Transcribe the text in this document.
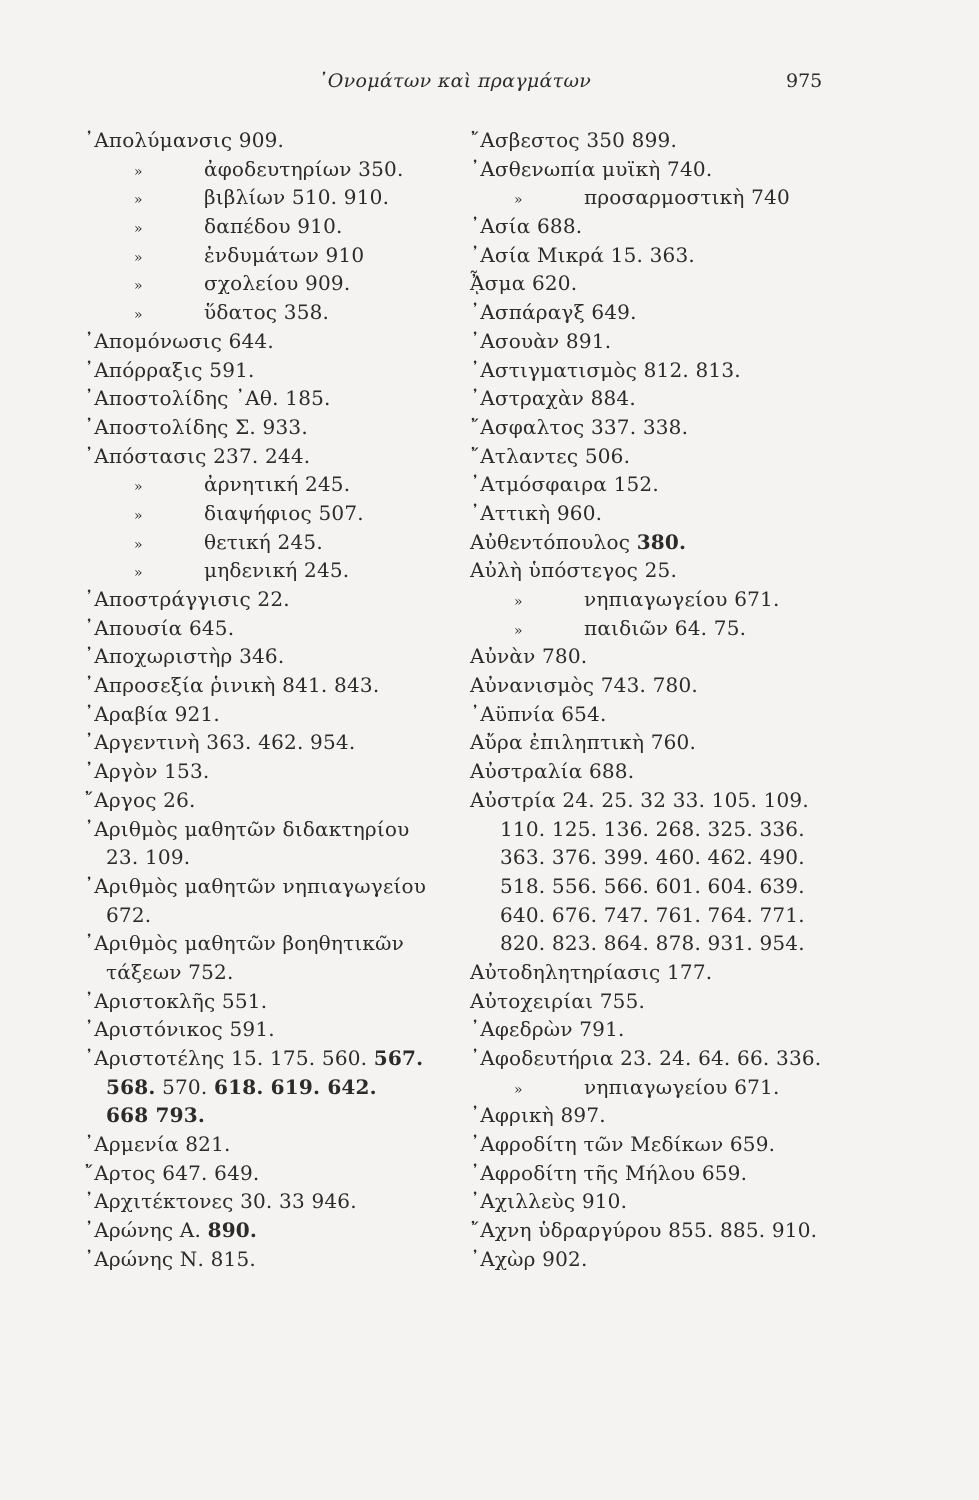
᾿Ονομάτων καὶ πραγμάτων	975
᾿Απολύμανσις 909.
»	ἀφοδευτηρίων 350.
»	βιβλίων 510. 910.
»	δαπέδου 910.
»	ἐνδυμάτων 910
»	σχολείου 909.
»	ὕδατος 358.
᾿Απομόνωσις 644.
᾿Απόρραξις 591.
᾿Αποστολίδης ᾿Αθ. 185.
᾿Αποστολίδης Σ. 933.
᾿Απόστασις 237. 244.
»	ἀρνητική 245.
»	διαψήφιος 507.
»	θετική 245.
»	μηδενική 245.
᾿Αποστράγγισις 22.
᾿Απουσία 645.
᾿Αποχωριστὴρ 346.
᾿Απροσεξία ῥινικὴ 841. 843.
᾿Αραβία 921.
᾿Αργεντινὴ 363. 462. 954.
᾿Αργὸν 153.
῎Αργος 26.
᾿Αριθμὸς μαθητῶν διδακτηρίου
23. 109.
᾿Αριθμὸς μαθητῶν νηπιαγωγείου
672.
᾿Αριθμὸς μαθητῶν βοηθητικῶν
τάξεων 752.
᾿Αριστοκλῆς 551.
᾿Αριστόνικος 591.
᾿Αριστοτέλης 15. 175. 560. 567.
568. 570. 618. 619. 642.
668 793.
᾿Αρμενία 821.
῎Αρτος 647. 649.
᾿Αρχιτέκτονες 30. 33 946.
᾿Αρώνης Α. 890.
᾿Αρώνης Ν. 815.
῎Ασβεστος 350 899.
᾿Ασθενωπία μυϊκὴ 740.
»	προσαρμοστικὴ 740
᾿Ασία 688.
᾿Ασία Μικρά 15. 363.
ᾎσμα 620.
᾿Ασπάραγξ 649.
᾿Ασουὰν 891.
᾿Αστιγματισμὸς 812. 813.
᾿Αστραχὰν 884.
῎Ασφαλτος 337. 338.
῎Ατλαντες 506.
᾿Ατμόσφαιρα 152.
᾿Αττικὴ 960.
Αὐθεντόπουλος 380.
Αὐλὴ ὑπόστεγος 25.
»	νηπιαγωγείου 671.
»	παιδιῶν 64. 75.
Αὐνὰν 780.
Αὐνανισμὸς 743. 780.
᾿Αϋπνία 654.
Αὔρα ἐπιληπτικὴ 760.
Αὐστραλία 688.
Αὐστρία 24. 25. 32 33. 105. 109.
110. 125. 136. 268. 325. 336.
363. 376. 399. 460. 462. 490.
518. 556. 566. 601. 604. 639.
640. 676. 747. 761. 764. 771.
820. 823. 864. 878. 931. 954.
Αὐτοδηλητηρίασις 177.
Αὐτοχειρίαι 755.
᾿Αφεδρὼν 791.
᾿Αφοδευτήρια 23. 24. 64. 66. 336.
»	νηπιαγωγείου 671.
᾿Αφρικὴ 897.
᾿Αφροδίτη τῶν Μεδίκων 659.
᾿Αφροδίτη τῆς Μήλου 659.
᾿Αχιλλεὺς 910.
῎Αχνη ὑδραργύρου 855. 885. 910.
᾿Αχὼρ 902.
